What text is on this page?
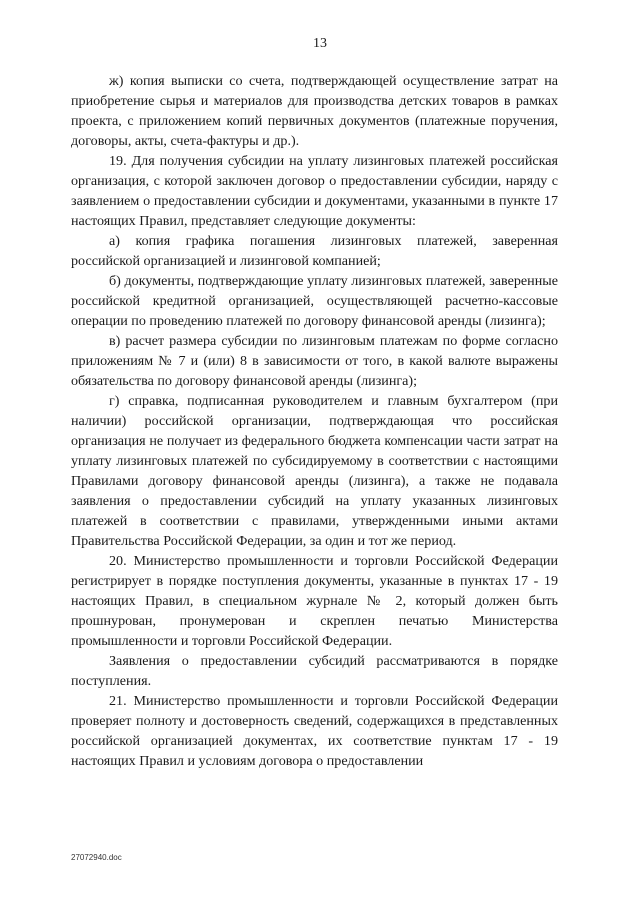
13

ж) копия выписки со счета, подтверждающей осуществление затрат на приобретение сырья и материалов для производства детских товаров в рамках проекта, с приложением копий первичных документов (платежные поручения, договоры, акты, счета-фактуры и др.).

19. Для получения субсидии на уплату лизинговых платежей российская организация, с которой заключен договор о предоставлении субсидии, наряду с заявлением о предоставлении субсидии и документами, указанными в пункте 17 настоящих Правил, представляет следующие документы:

а) копия графика погашения лизинговых платежей, заверенная российской организацией и лизинговой компанией;

б) документы, подтверждающие уплату лизинговых платежей, заверенные российской кредитной организацией, осуществляющей расчетно-кассовые операции по проведению платежей по договору финансовой аренды (лизинга);

в) расчет размера субсидии по лизинговым платежам по форме согласно приложениям № 7 и (или) 8 в зависимости от того, в какой валюте выражены обязательства по договору финансовой аренды (лизинга);

г) справка, подписанная руководителем и главным бухгалтером (при наличии) российской организации, подтверждающая что российская организация не получает из федерального бюджета компенсации части затрат на уплату лизинговых платежей по субсидируемому в соответствии с настоящими Правилами договору финансовой аренды (лизинга), а также не подавала заявления о предоставлении субсидий на уплату указанных лизинговых платежей в соответствии с правилами, утвержденными иными актами Правительства Российской Федерации, за один и тот же период.

20. Министерство промышленности и торговли Российской Федерации регистрирует в порядке поступления документы, указанные в пунктах 17 - 19 настоящих Правил, в специальном журнале № 2, который должен быть прошнурован, пронумерован и скреплен печатью Министерства промышленности и торговли Российской Федерации.

Заявления о предоставлении субсидий рассматриваются в порядке поступления.

21. Министерство промышленности и торговли Российской Федерации проверяет полноту и достоверность сведений, содержащихся в представленных российской организацией документах, их соответствие пунктам 17 - 19 настоящих Правил и условиям договора о предоставлении

27072940.doc
